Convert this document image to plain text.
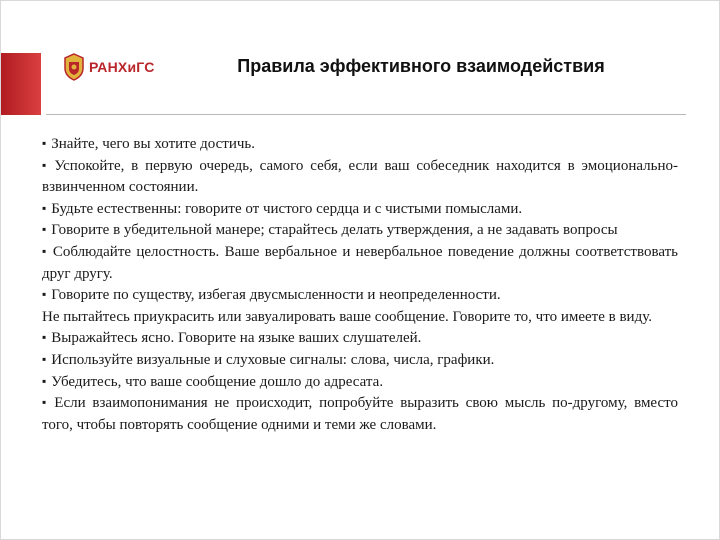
РАНХиГС	Правила эффективного взаимодействия

▪ Знайте, чего вы хотите достичь.

▪ Успокойте, в первую очередь, самого себя, если ваш собеседник находится в эмоционально-взвинченном состоянии.

▪ Будьте естественны: говорите от чистого сердца и с чистыми помыслами.

▪ Говорите в убедительной манере; старайтесь делать утверждения, а не задавать вопросы

▪ Соблюдайте целостность. Ваше вербальное и невербальное поведение должны соответствовать друг другу.

▪ Говорите по существу, избегая двусмысленности и неопределенности.

Не пытайтесь приукрасить или завуалировать ваше сообщение. Говорите то, что имеете в виду.

▪ Выражайтесь ясно. Говорите на языке ваших слушателей.

▪ Используйте визуальные и слуховые сигналы: слова, числа, графики.

▪ Убедитесь, что ваше сообщение дошло до адресата.

▪ Если взаимопонимания не происходит, попробуйте выразить свою мысль по-другому, вместо того, чтобы повторять сообщение одними и теми же словами.
